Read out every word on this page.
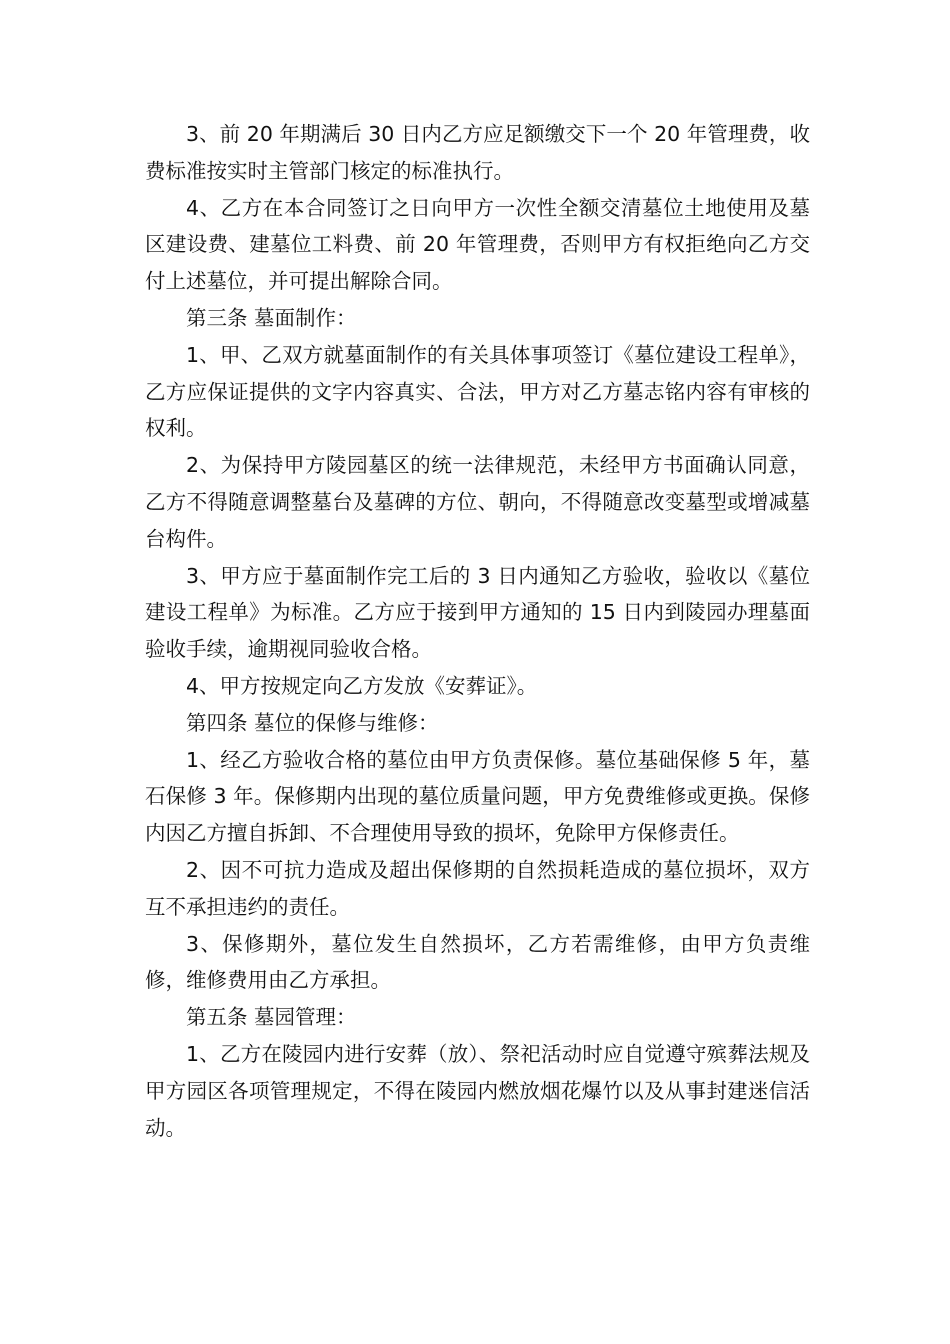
3、前 20 年期满后 30 日内乙方应足额缴交下一个 20 年管理费，收费标准按实时主管部门核定的标准执行。

4、乙方在本合同签订之日向甲方一次性全额交清墓位土地使用及墓区建设费、建墓位工料费、前 20 年管理费，否则甲方有权拒绝向乙方交付上述墓位，并可提出解除合同。

第三条 墓面制作：

1、甲、乙双方就墓面制作的有关具体事项签订《墓位建设工程单》，乙方应保证提供的文字内容真实、合法，甲方对乙方墓志铭内容有审核的权利。

2、为保持甲方陵园墓区的统一法律规范，未经甲方书面确认同意，乙方不得随意调整墓台及墓碑的方位、朝向，不得随意改变墓型或增减墓台构件。

3、甲方应于墓面制作完工后的 3 日内通知乙方验收，验收以《墓位建设工程单》为标准。乙方应于接到甲方通知的 15 日内到陵园办理墓面验收手续，逾期视同验收合格。

4、甲方按规定向乙方发放《安葬证》。

第四条 墓位的保修与维修：

1、经乙方验收合格的墓位由甲方负责保修。墓位基础保修 5 年，墓石保修 3 年。保修期内出现的墓位质量问题，甲方免费维修或更换。保修内因乙方擅自拆卸、不合理使用导致的损坏，免除甲方保修责任。

2、因不可抗力造成及超出保修期的自然损耗造成的墓位损坏，双方互不承担违约的责任。

3、保修期外，墓位发生自然损坏，乙方若需维修，由甲方负责维修，维修费用由乙方承担。

第五条 墓园管理：

1、乙方在陵园内进行安葬（放）、祭祀活动时应自觉遵守殡葬法规及甲方园区各项管理规定，不得在陵园内燃放烟花爆竹以及从事封建迷信活动。
